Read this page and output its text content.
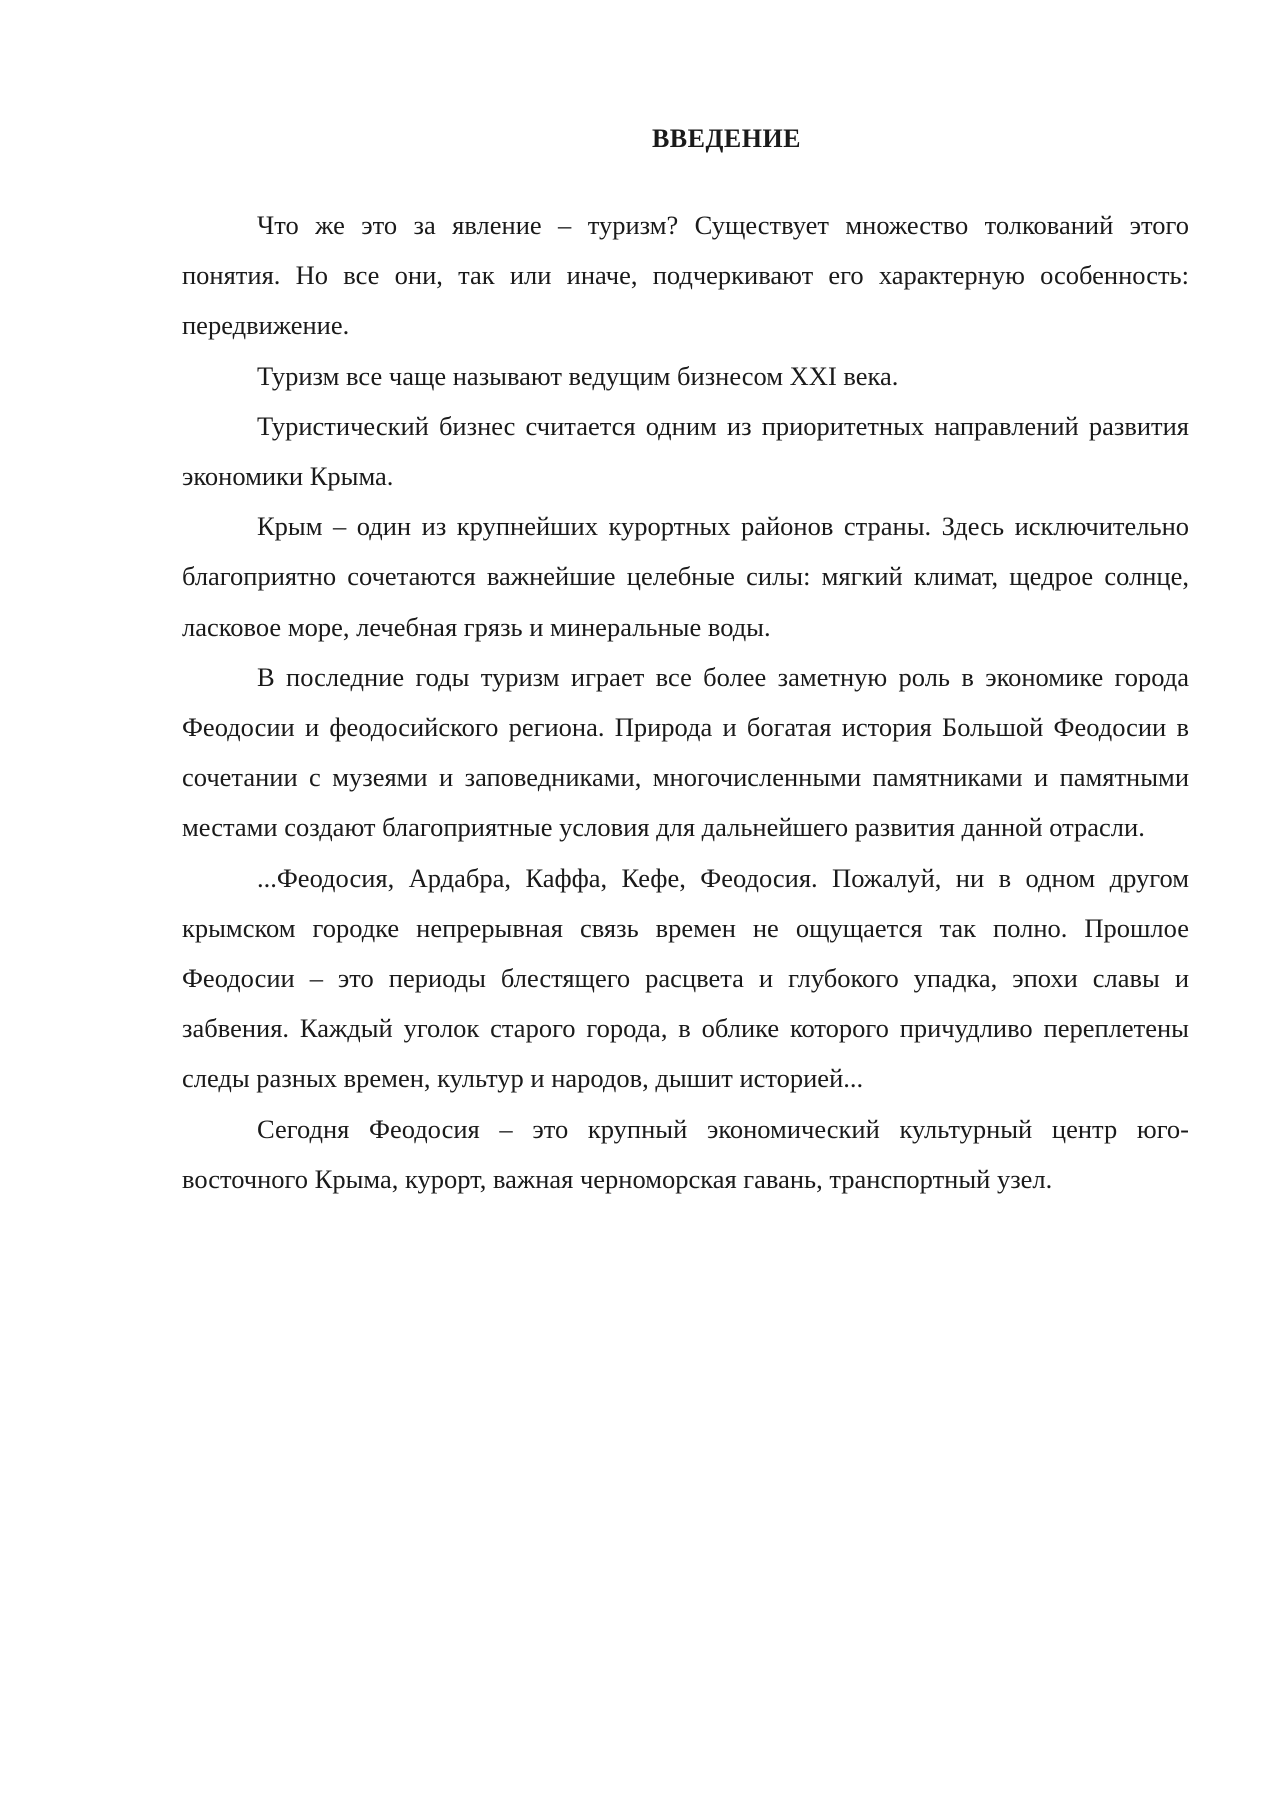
ВВЕДЕНИЕ

Что же это за явление – туризм? Существует множество толкований этого понятия. Но все они, так или иначе, подчеркивают его характерную особенность: передвижение.

Туризм все чаще называют ведущим бизнесом XXI века.

Туристический бизнес считается одним из приоритетных направлений развития экономики Крыма.

Крым – один из крупнейших курортных районов страны. Здесь исключительно благоприятно сочетаются важнейшие целебные силы: мягкий климат, щедрое солнце, ласковое море, лечебная грязь и минеральные воды.

В последние годы туризм играет все более заметную роль в экономике города Феодосии и феодосийского региона. Природа и богатая история Большой Феодосии в сочетании с музеями и заповедниками, многочисленными памятниками и памятными местами создают благоприятные условия для дальнейшего развития данной отрасли.

...Феодосия, Ардабра, Каффа, Кефе, Феодосия. Пожалуй, ни в одном другом крымском городке непрерывная связь времен не ощущается так полно. Прошлое Феодосии – это периоды блестящего расцвета и глубокого упадка, эпохи славы и забвения. Каждый уголок старого города, в облике которого причудливо переплетены следы разных времен, культур и народов, дышит историей...

Сегодня Феодосия – это крупный экономический культурный центр юго-восточного Крыма, курорт, важная черноморская гавань, транспортный узел.
